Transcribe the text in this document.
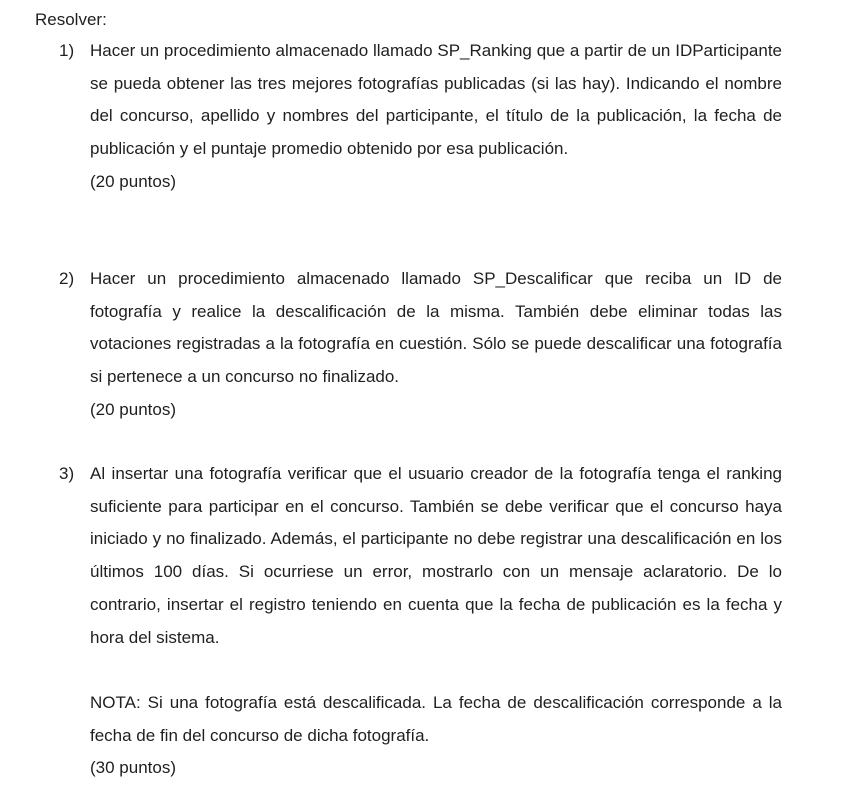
Resolver:
1) Hacer un procedimiento almacenado llamado SP_Ranking que a partir de un IDParticipante se pueda obtener las tres mejores fotografías publicadas (si las hay). Indicando el nombre del concurso, apellido y nombres del participante, el título de la publicación, la fecha de publicación y el puntaje promedio obtenido por esa publicación.

(20 puntos)

2) Hacer un procedimiento almacenado llamado SP_Descalificar que reciba un ID de fotografía y realice la descalificación de la misma. También debe eliminar todas las votaciones registradas a la fotografía en cuestión. Sólo se puede descalificar una fotografía si pertenece a un concurso no finalizado.

(20 puntos)

3) Al insertar una fotografía verificar que el usuario creador de la fotografía tenga el ranking suficiente para participar en el concurso. También se debe verificar que el concurso haya iniciado y no finalizado. Además, el participante no debe registrar una descalificación en los últimos 100 días. Si ocurriese un error, mostrarlo con un mensaje aclaratorio. De lo contrario, insertar el registro teniendo en cuenta que la fecha de publicación es la fecha y hora del sistema.

NOTA: Si una fotografía está descalificada. La fecha de descalificación corresponde a la fecha de fin del concurso de dicha fotografía.

(30 puntos)
